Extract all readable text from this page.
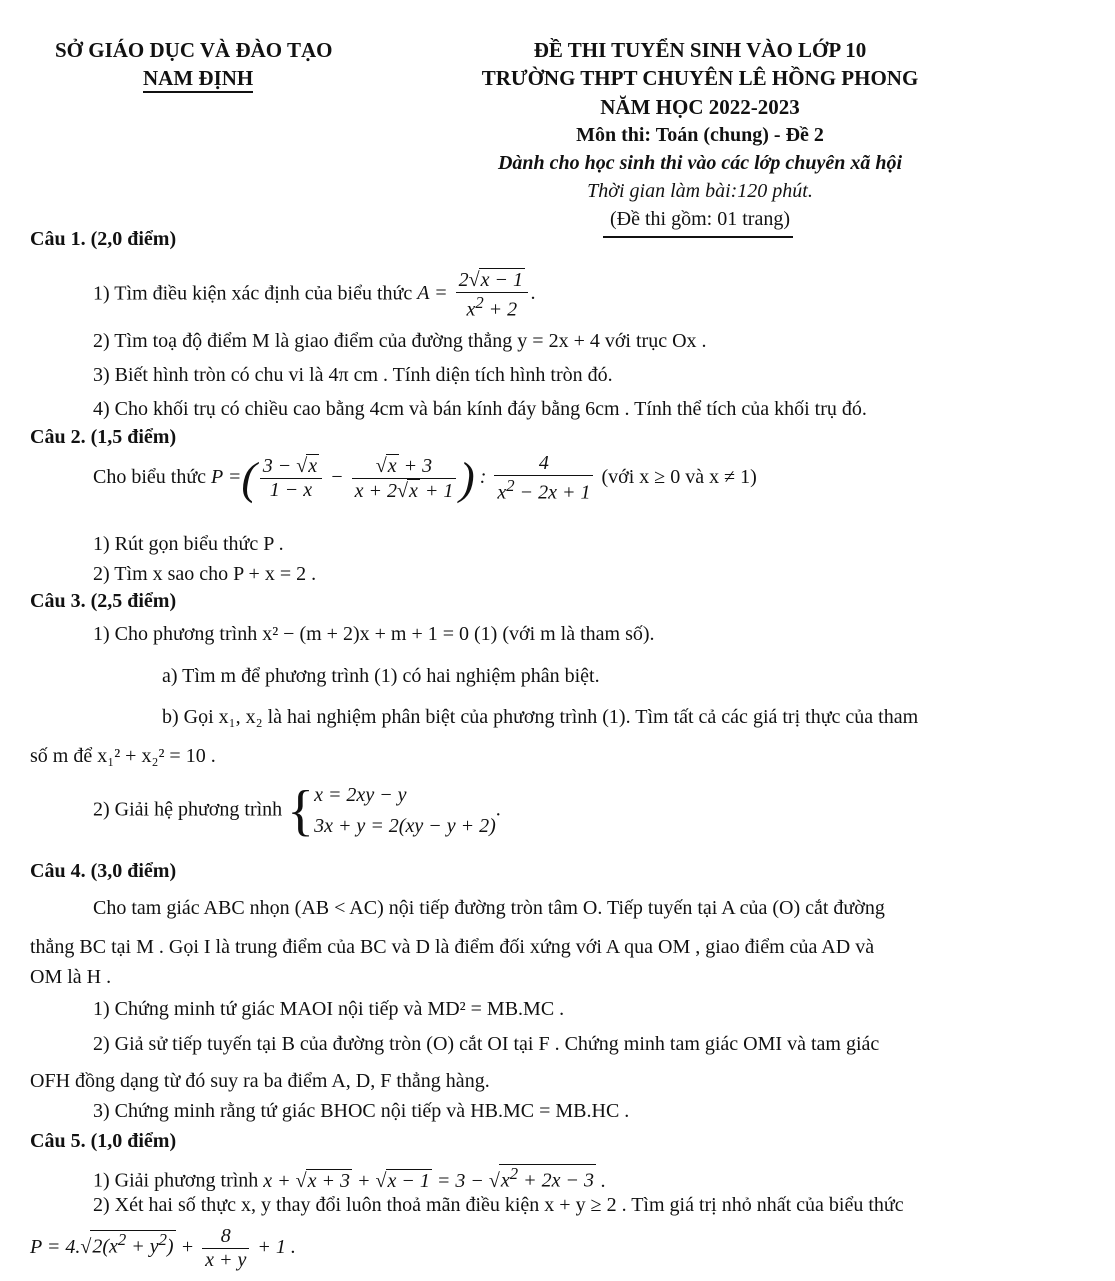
SỞ GIÁO DỤC VÀ ĐÀO TẠO
NAM ĐỊNH
ĐỀ THI TUYỂN SINH VÀO LỚP 10
TRƯỜNG THPT CHUYÊN LÊ HỒNG PHONG
NĂM HỌC 2022-2023
Môn thi: Toán (chung) - Đề 2
Dành cho học sinh thi vào các lớp chuyên xã hội
Thời gian làm bài:120 phút.
(Đề thi gồm: 01 trang)
Câu 1. (2,0 điểm)
1) Tìm điều kiện xác định của biểu thức $A = \frac{2√x - 1}{x^2 + 2}$ .
2) Tìm toạ độ điểm M là giao điểm của đường thẳng y = 2x + 4 với trục Ox .
3) Biết hình tròn có chu vi là 4π cm . Tính diện tích hình tròn đó.
4) Cho khối trụ có chiều cao bằng 4cm và bán kính đáy bằng 6cm . Tính thể tích của khối trụ đó.
Câu 2. (1,5 điểm)
Cho biểu thức P =( $\frac{3 - √x}{1 - x} - \frac{√x + 3}{x + 2√x + 1}$ ) : $\frac{4}{x^2 - 2x + 1}$ (với x ≥ 0 và x ≠ 1)
1) Rút gọn biểu thức P .
2) Tìm x sao cho P + x = 2 .
Câu 3. (2,5 điểm)
1) Cho phương trình x² − (m + 2)x + m + 1 = 0 (1) (với m là tham số).
a) Tìm m để phương trình (1) có hai nghiệm phân biệt.
b) Gọi x₁, x₂ là hai nghiệm phân biệt của phương trình (1). Tìm tất cả các giá trị thực của tham
số m để x₁² + x₂² = 10 .
2) Giải hệ phương trình { x = 2xy − y
3x + y = 2(xy − y + 2)
.
Câu 4. (3,0 điểm)
Cho tam giác ABC nhọn (AB < AC) nội tiếp đường tròn tâm O. Tiếp tuyến tại A của (O) cắt đường
thẳng BC tại M . Gọi I là trung điểm của BC và D là điểm đối xứng với A qua OM , giao điểm của AD và
OM là H .
1) Chứng minh tứ giác MAOI nội tiếp và MD² = MB.MC .
2) Giả sử tiếp tuyến tại B của đường tròn (O) cắt OI tại F . Chứng minh tam giác OMI và tam giác
OFH đồng dạng từ đó suy ra ba điểm A, D, F thẳng hàng.
3) Chứng minh rằng tứ giác BHOC nội tiếp và HB.MC = MB.HC .
Câu 5. (1,0 điểm)
1) Giải phương trình $x + √x + 3 + √x - 1 = 3 - √x^2 + 2x - 3$ .
2) Xét hai số thực x, y thay đổi luôn thoả mãn điều kiện x + y ≥ 2 . Tìm giá trị nhỏ nhất của biểu thức
$P = 4.√2(x^2 + y^2) + \frac{8}{x + y} + 1$ .
